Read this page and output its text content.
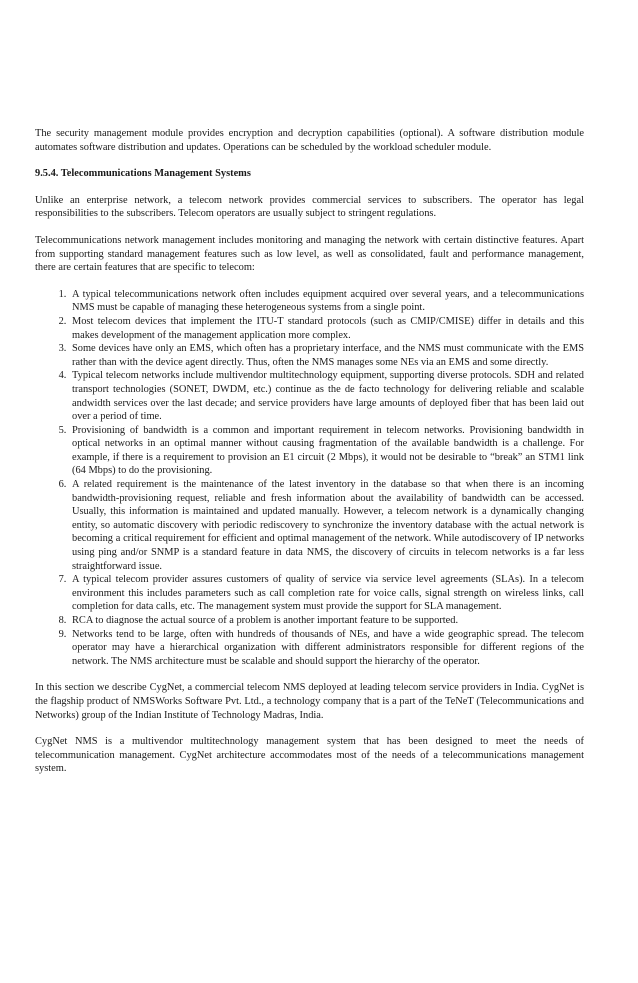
The security management module provides encryption and decryption capabilities (optional). A software distribution module automates software distribution and updates. Operations can be scheduled by the workload scheduler module.

9.5.4. Telecommunications Management Systems

Unlike an enterprise network, a telecom network provides commercial services to subscribers. The operator has legal responsibilities to the subscribers. Telecom operators are usually subject to stringent regulations.

Telecommunications network management includes monitoring and managing the network with certain distinctive features. Apart from supporting standard management features such as low level, as well as consolidated, fault and performance management, there are certain features that are specific to telecom:

1. A typical telecommunications network often includes equipment acquired over several years, and a telecommunications NMS must be capable of managing these heterogeneous systems from a single point.
2. Most telecom devices that implement the ITU-T standard protocols (such as CMIP/CMISE) differ in details and this makes development of the management application more complex.
3. Some devices have only an EMS, which often has a proprietary interface, and the NMS must communicate with the EMS rather than with the device agent directly. Thus, often the NMS manages some NEs via an EMS and some directly.
4. Typical telecom networks include multivendor multitechnology equipment, supporting diverse protocols. SDH and related transport technologies (SONET, DWDM, etc.) continue as the de facto technology for delivering reliable and scalable andwidth services over the last decade; and service providers have large amounts of deployed fiber that has been laid out over a period of time.
5. Provisioning of bandwidth is a common and important requirement in telecom networks. Provisioning bandwidth in optical networks in an optimal manner without causing fragmentation of the available bandwidth is a challenge. For example, if there is a requirement to provision an E1 circuit (2 Mbps), it would not be desirable to “break” an STM1 link (64 Mbps) to do the provisioning.
6. A related requirement is the maintenance of the latest inventory in the database so that when there is an incoming bandwidth-provisioning request, reliable and fresh information about the availability of bandwidth can be accessed. Usually, this information is maintained and updated manually. However, a telecom network is a dynamically changing entity, so automatic discovery with periodic rediscovery to synchronize the inventory database with the actual network is becoming a critical requirement for efficient and optimal management of the network. While autodiscovery of IP networks using ping and/or SNMP is a standard feature in data NMS, the discovery of circuits in telecom networks is a far less straightforward issue.
7. A typical telecom provider assures customers of quality of service via service level agreements (SLAs). In a telecom environment this includes parameters such as call completion rate for voice calls, signal strength on wireless links, call completion for data calls, etc. The management system must provide the support for SLA management.
8. RCA to diagnose the actual source of a problem is another important feature to be supported.
9. Networks tend to be large, often with hundreds of thousands of NEs, and have a wide geographic spread. The telecom operator may have a hierarchical organization with different administrators responsible for different regions of the network. The NMS architecture must be scalable and should support the hierarchy of the operator.

In this section we describe CygNet, a commercial telecom NMS deployed at leading telecom service providers in India. CygNet is the flagship product of NMSWorks Software Pvt. Ltd., a technology company that is a part of the TeNeT (Telecommunications and Networks) group of the Indian Institute of Technology Madras, India.

CygNet NMS is a multivendor multitechnology management system that has been designed to meet the needs of telecommunication management. CygNet architecture accommodates most of the needs of a telecommunications management system.
